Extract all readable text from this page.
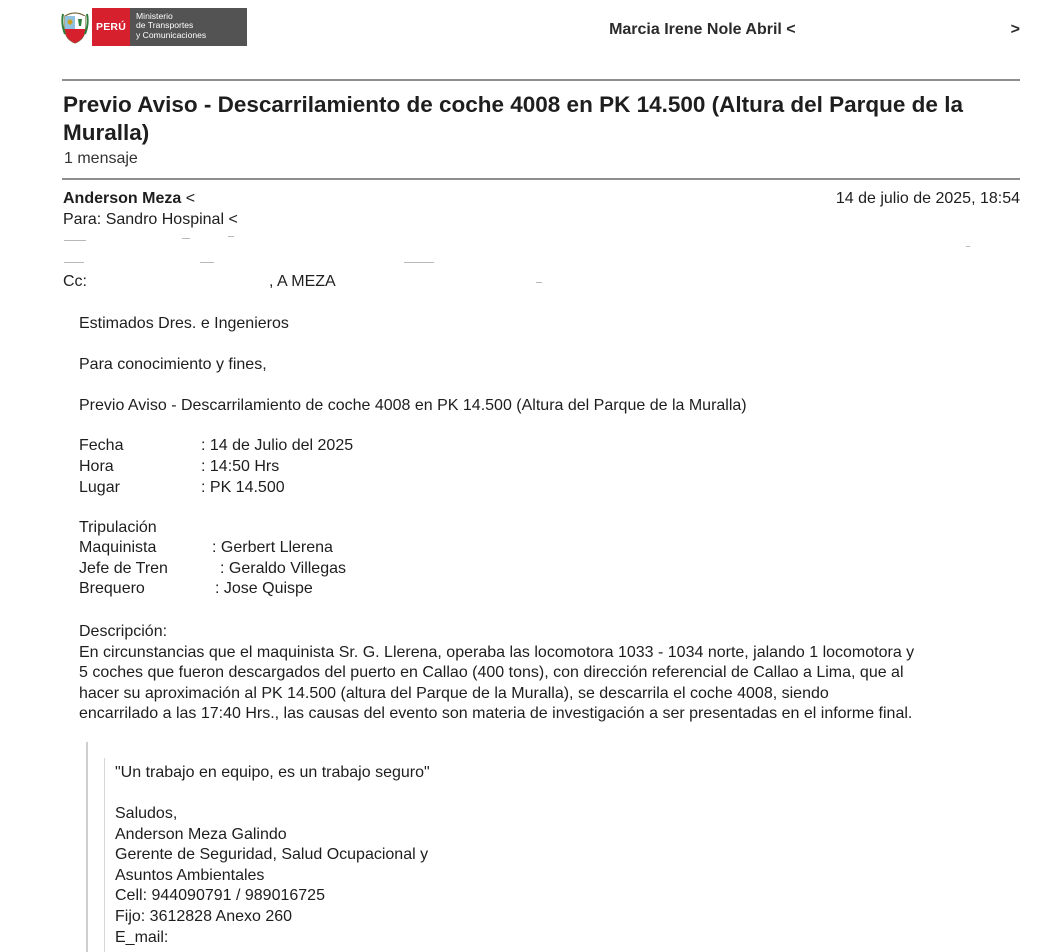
PERÚ
Ministerio
de Transportes
y Comunicaciones	Marcia Irene Nole Abril <	>
Previo Aviso - Descarrilamiento de coche 4008 en PK 14.500 (Altura del Parque de la Muralla)
1 mensaje
Anderson Meza <	14 de julio de 2025, 18:54
Para: Sandro Hospinal <
Cc:	, A MEZA
Estimados Dres. e Ingenieros
Para conocimiento y fines,
Previo Aviso - Descarrilamiento de coche 4008 en PK 14.500 (Altura del Parque de la Muralla)
Fecha	: 14 de Julio del 2025
Hora	: 14:50 Hrs
Lugar	: PK 14.500
Tripulación
Maquinista	: Gerbert Llerena
Jefe de Tren	: Geraldo Villegas
Brequero	: Jose Quispe

Descripción:

En circunstancias que el maquinista Sr. G. Llerena, operaba las locomotora 1033 - 1034 norte, jalando 1 locomotora y

5 coches que fueron descargados del puerto en Callao (400 tons), con dirección referencial de Callao a Lima, que al

hacer su aproximación al PK 14.500 (altura del Parque de la Muralla), se descarrila el coche 4008, siendo

encarrilado a las 17:40 Hrs., las causas del evento son materia de investigación a ser presentadas en el informe final.

"Un trabajo en equipo, es un trabajo seguro"
Saludos,
Anderson Meza Galindo
Gerente de Seguridad, Salud Ocupacional y
Asuntos Ambientales
Cell: 944090791 / 989016725
Fijo: 3612828 Anexo 260
E_mail:
